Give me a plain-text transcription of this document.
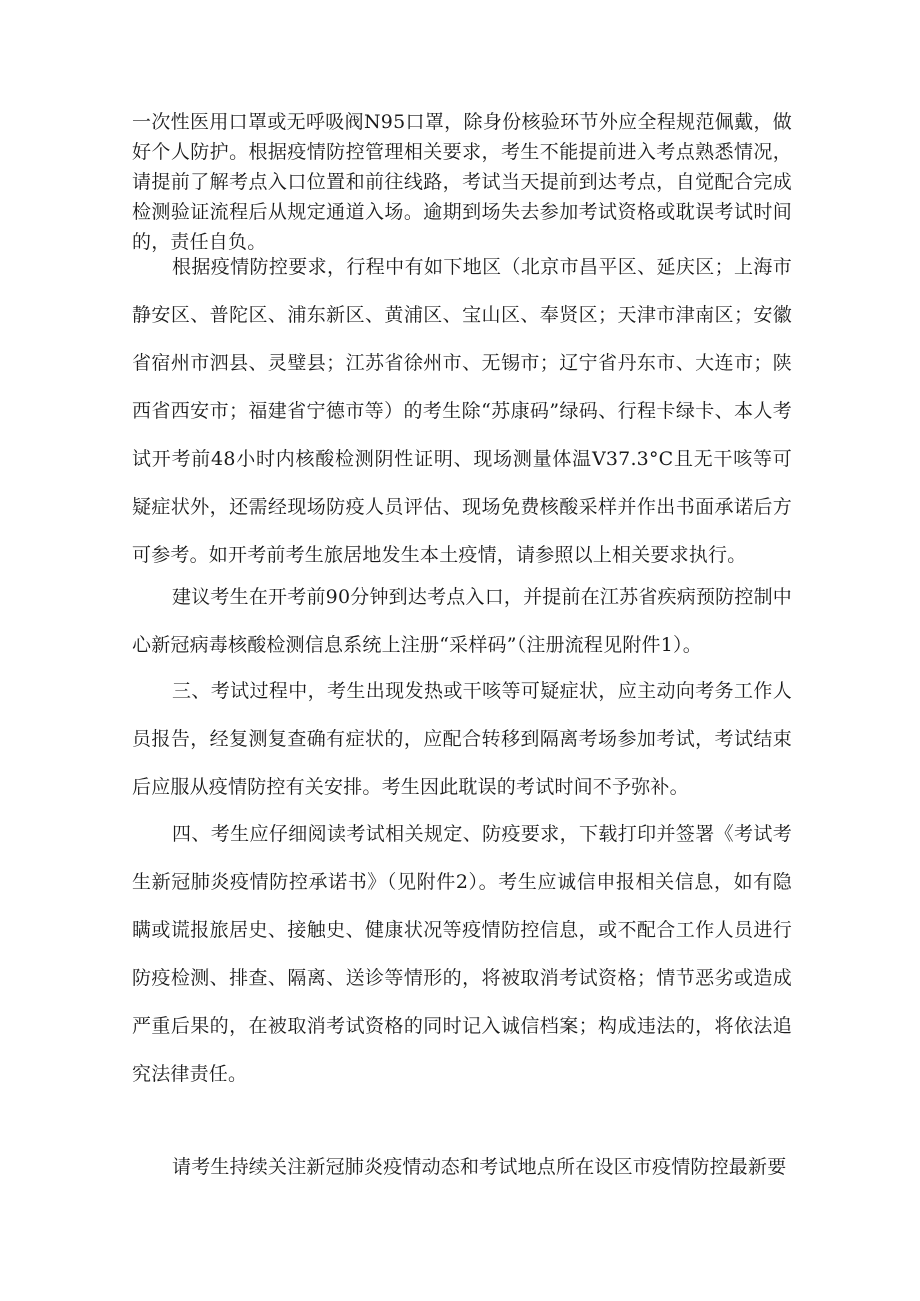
一次性医用口罩或无呼吸阀N95口罩，除身份核验环节外应全程规范佩戴，做好个人防护。根据疫情防控管理相关要求，考生不能提前进入考点熟悉情况，请提前了解考点入口位置和前往线路，考试当天提前到达考点，自觉配合完成检测验证流程后从规定通道入场。逾期到场失去参加考试资格或耽误考试时间的，责任自负。

根据疫情防控要求，行程中有如下地区（北京市昌平区、延庆区；上海市静安区、普陀区、浦东新区、黄浦区、宝山区、奉贤区；天津市津南区；安徽省宿州市泗县、灵璧县；江苏省徐州市、无锡市；辽宁省丹东市、大连市；陕西省西安市；福建省宁德市等）的考生除“苏康码”绿码、行程卡绿卡、本人考试开考前48小时内核酸检测阴性证明、现场测量体温V37.3°C且无干咳等可疑症状外，还需经现场防疫人员评估、现场免费核酸采样并作出书面承诺后方可参考。如开考前考生旅居地发生本土疫情，请参照以上相关要求执行。

建议考生在开考前90分钟到达考点入口，并提前在江苏省疾病预防控制中心新冠病毒核酸检测信息系统上注册“采样码”（注册流程见附件1）。

三、考试过程中，考生出现发热或干咳等可疑症状，应主动向考务工作人员报告，经复测复查确有症状的，应配合转移到隔离考场参加考试，考试结束后应服从疫情防控有关安排。考生因此耽误的考试时间不予弥补。

四、考生应仔细阅读考试相关规定、防疫要求，下载打印并签署《考试考生新冠肺炎疫情防控承诺书》（见附件2）。考生应诚信申报相关信息，如有隐瞒或谎报旅居史、接触史、健康状况等疫情防控信息，或不配合工作人员进行防疫检测、排查、隔离、送诊等情形的，将被取消考试资格；情节恶劣或造成严重后果的，在被取消考试资格的同时记入诚信档案；构成违法的，将依法追究法律责任。

请考生持续关注新冠肺炎疫情动态和考试地点所在设区市疫情防控最新要
